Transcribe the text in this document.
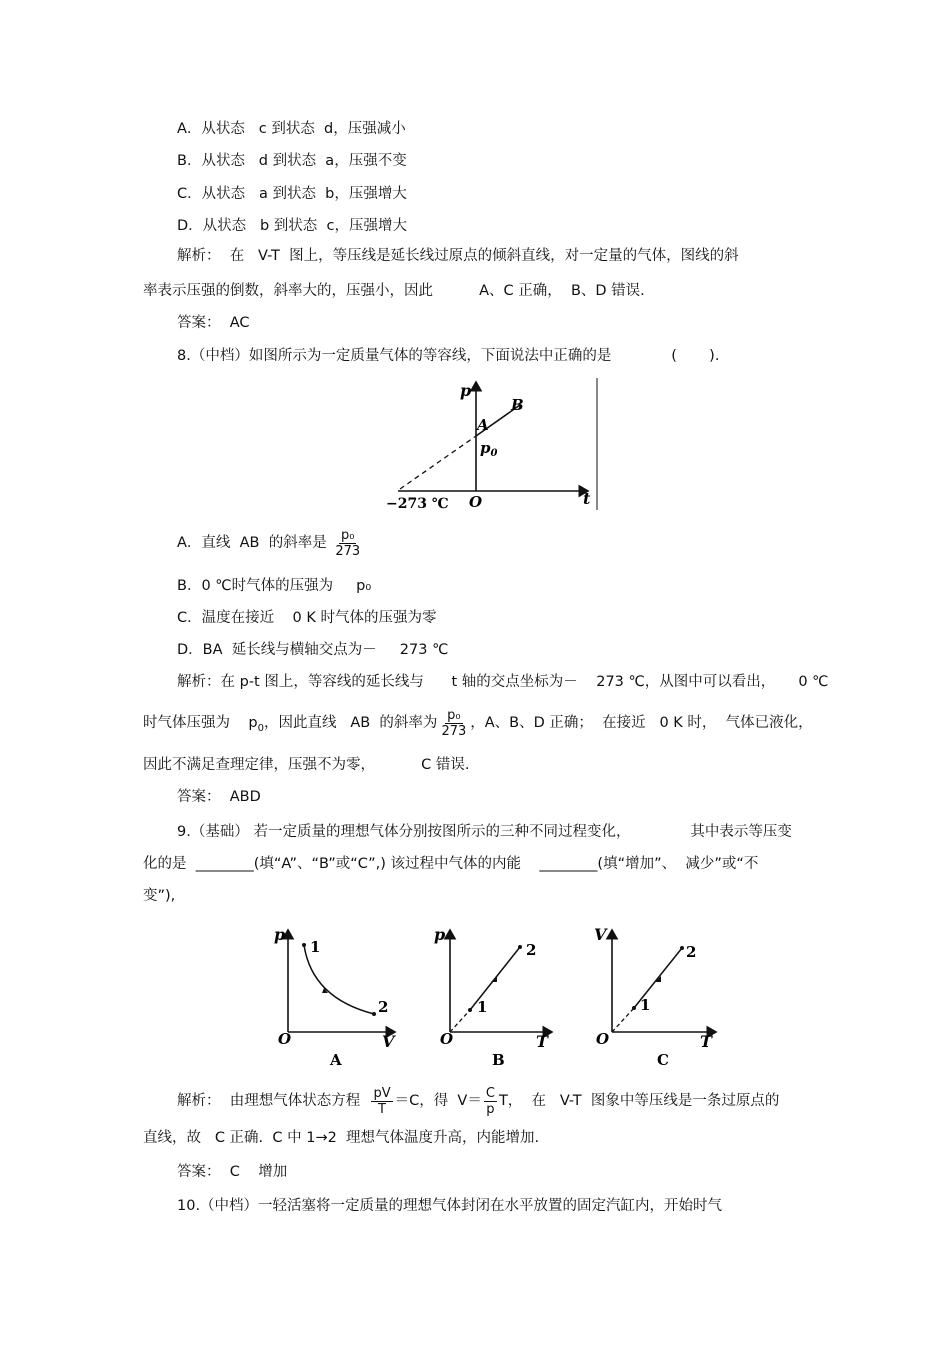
A．从状态   c 到状态  d，压强减小
B．从状态   d 到状态  a，压强不变
C．从状态   a 到状态  b，压强增大
D．从状态   b 到状态  c，压强增大
解析：  在   V-T  图上，等压线是延长线过原点的倾斜直线，对一定量的气体，图线的斜
率表示压强的倒数，斜率大的，压强小，因此          A、C 正确，  B、D 错误.
答案：  AC
8.（中档）如图所示为一定质量气体的等容线，下面说法中正确的是             (       ).
p
t
O
A
B
$p_0$
−273 ℃
A．直线  AB  的斜率是 $\frac{\text{p₀}}{273}$
B．0 ℃时气体的压强为     p₀
C．温度在接近    0 K 时气体的压强为零
D．BA  延长线与横轴交点为－     273 ℃
解析：在 p-t 图上，等容线的延长线与      t 轴的交点坐标为－    273 ℃，从图中可以看出，     0 ℃
时气体压强为    $p_0$，因此直线   AB  的斜率为 $\frac{\text{p₀}}{273}$ ，A、B、D 正确；  在接近   0 K 时，  气体已液化，
因此不满足查理定律，压强不为零，          C 错误.
答案：  ABD
9.（基础） 若一定质量的理想气体分别按图所示的三种不同过程变化，             其中表示等压变
化的是  ________(填“A”、“B”或“C”,) 该过程中气体的内能    ________(填“增加”、  减少”或“不
变”),
p
V
O
1
2
A
p
T
O
1
2
B
V
T
O
1
2
C
解析：  由理想气体状态方程 $\frac{pV}{T} =C$，得  $V= \frac{C}{p}$ T，  在   V-T  图象中等压线是一条过原点的
直线，故   C 正确.  C 中 1→2  理想气体温度升高，内能增加.
答案：  C    增加
10.（中档）一轻活塞将一定质量的理想气体封闭在水平放置的固定汽缸内，开始时气
